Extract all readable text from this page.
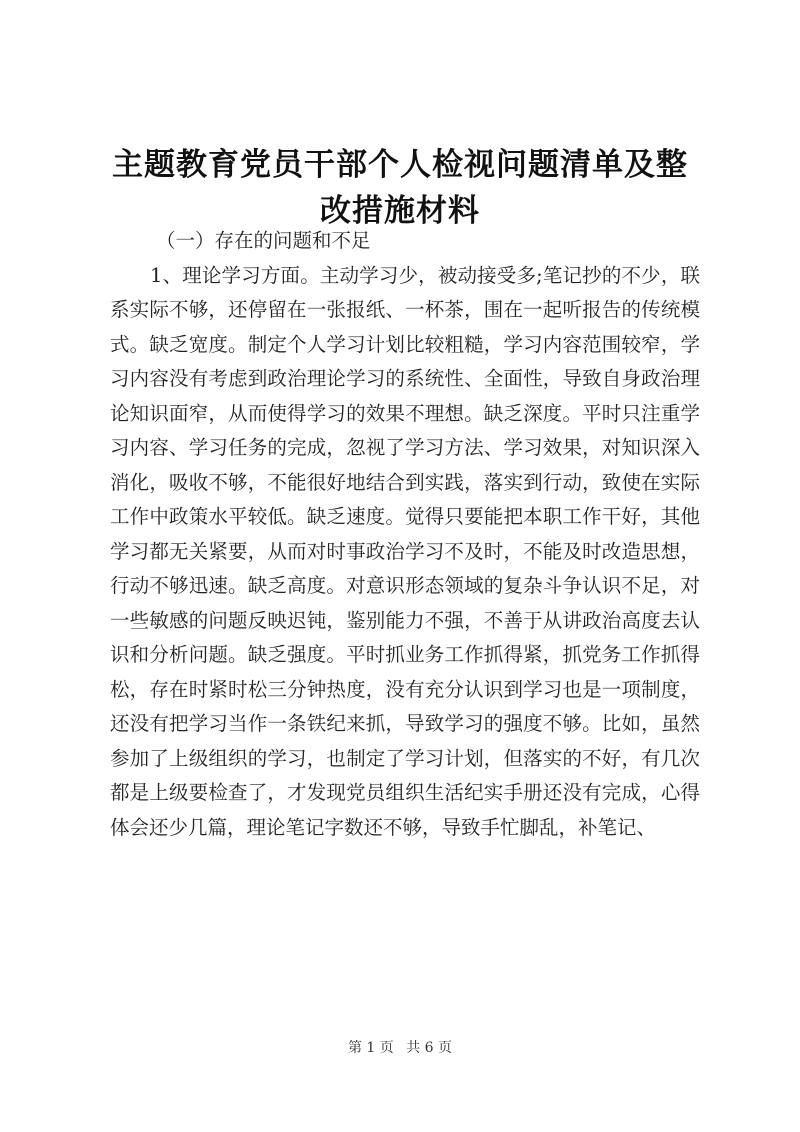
主题教育党员干部个人检视问题清单及整改措施材料

（一）存在的问题和不足

1、理论学习方面。主动学习少，被动接受多;笔记抄的不少，联系实际不够，还停留在一张报纸、一杯茶，围在一起听报告的传统模式。缺乏宽度。制定个人学习计划比较粗糙，学习内容范围较窄，学习内容没有考虑到政治理论学习的系统性、全面性，导致自身政治理论知识面窄，从而使得学习的效果不理想。缺乏深度。平时只注重学习内容、学习任务的完成，忽视了学习方法、学习效果，对知识深入消化，吸收不够，不能很好地结合到实践，落实到行动，致使在实际工作中政策水平较低。缺乏速度。觉得只要能把本职工作干好，其他学习都无关紧要，从而对时事政治学习不及时，不能及时改造思想，行动不够迅速。缺乏高度。对意识形态领域的复杂斗争认识不足，对一些敏感的问题反映迟钝，鉴别能力不强，不善于从讲政治高度去认识和分析问题。缺乏强度。平时抓业务工作抓得紧，抓党务工作抓得松，存在时紧时松三分钟热度，没有充分认识到学习也是一项制度，还没有把学习当作一条铁纪来抓，导致学习的强度不够。比如，虽然参加了上级组织的学习，也制定了学习计划，但落实的不好，有几次都是上级要检查了，才发现党员组织生活纪实手册还没有完成，心得体会还少几篇，理论笔记字数还不够，导致手忙脚乱，补笔记、

第 1 页 共 6 页
